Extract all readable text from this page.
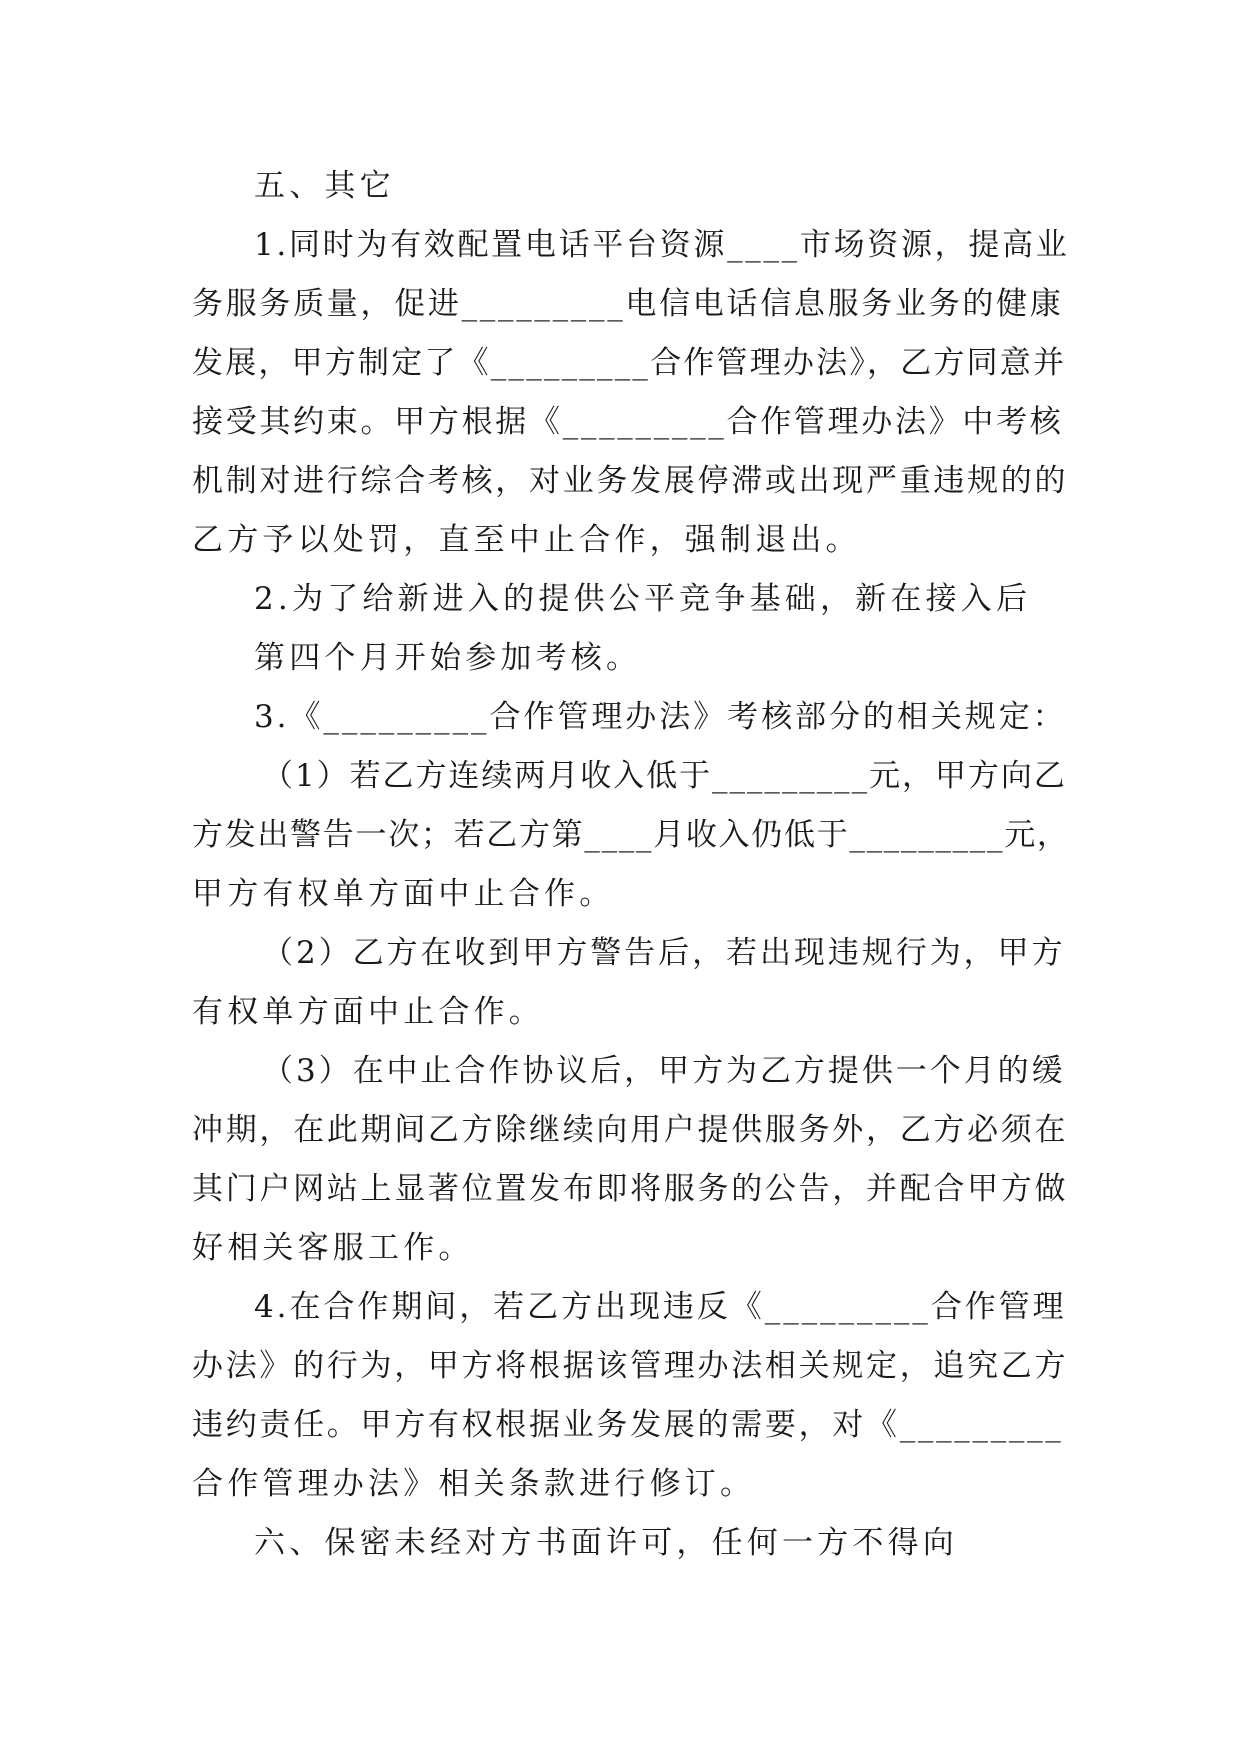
五、其它
1.同时为有效配置电话平台资源____市场资源，提高业
务服务质量，促进_________电信电话信息服务业务的健康
发展，甲方制定了《_________合作管理办法》，乙方同意并
接受其约束。甲方根据《_________合作管理办法》中考核
机制对进行综合考核，对业务发展停滞或出现严重违规的的
乙方予以处罚，直至中止合作，强制退出。
2.为了给新进入的提供公平竞争基础，新在接入后
第四个月开始参加考核。
3.《_________合作管理办法》考核部分的相关规定：
（1）若乙方连续两月收入低于_________元，甲方向乙
方发出警告一次；若乙方第____月收入仍低于_________元，
甲方有权单方面中止合作。
（2）乙方在收到甲方警告后，若出现违规行为，甲方
有权单方面中止合作。
（3）在中止合作协议后，甲方为乙方提供一个月的缓
冲期，在此期间乙方除继续向用户提供服务外，乙方必须在
其门户网站上显著位置发布即将服务的公告，并配合甲方做
好相关客服工作。
4.在合作期间，若乙方出现违反《_________合作管理
办法》的行为，甲方将根据该管理办法相关规定，追究乙方
违约责任。甲方有权根据业务发展的需要，对《_________
合作管理办法》相关条款进行修订。
六、保密未经对方书面许可，任何一方不得向
